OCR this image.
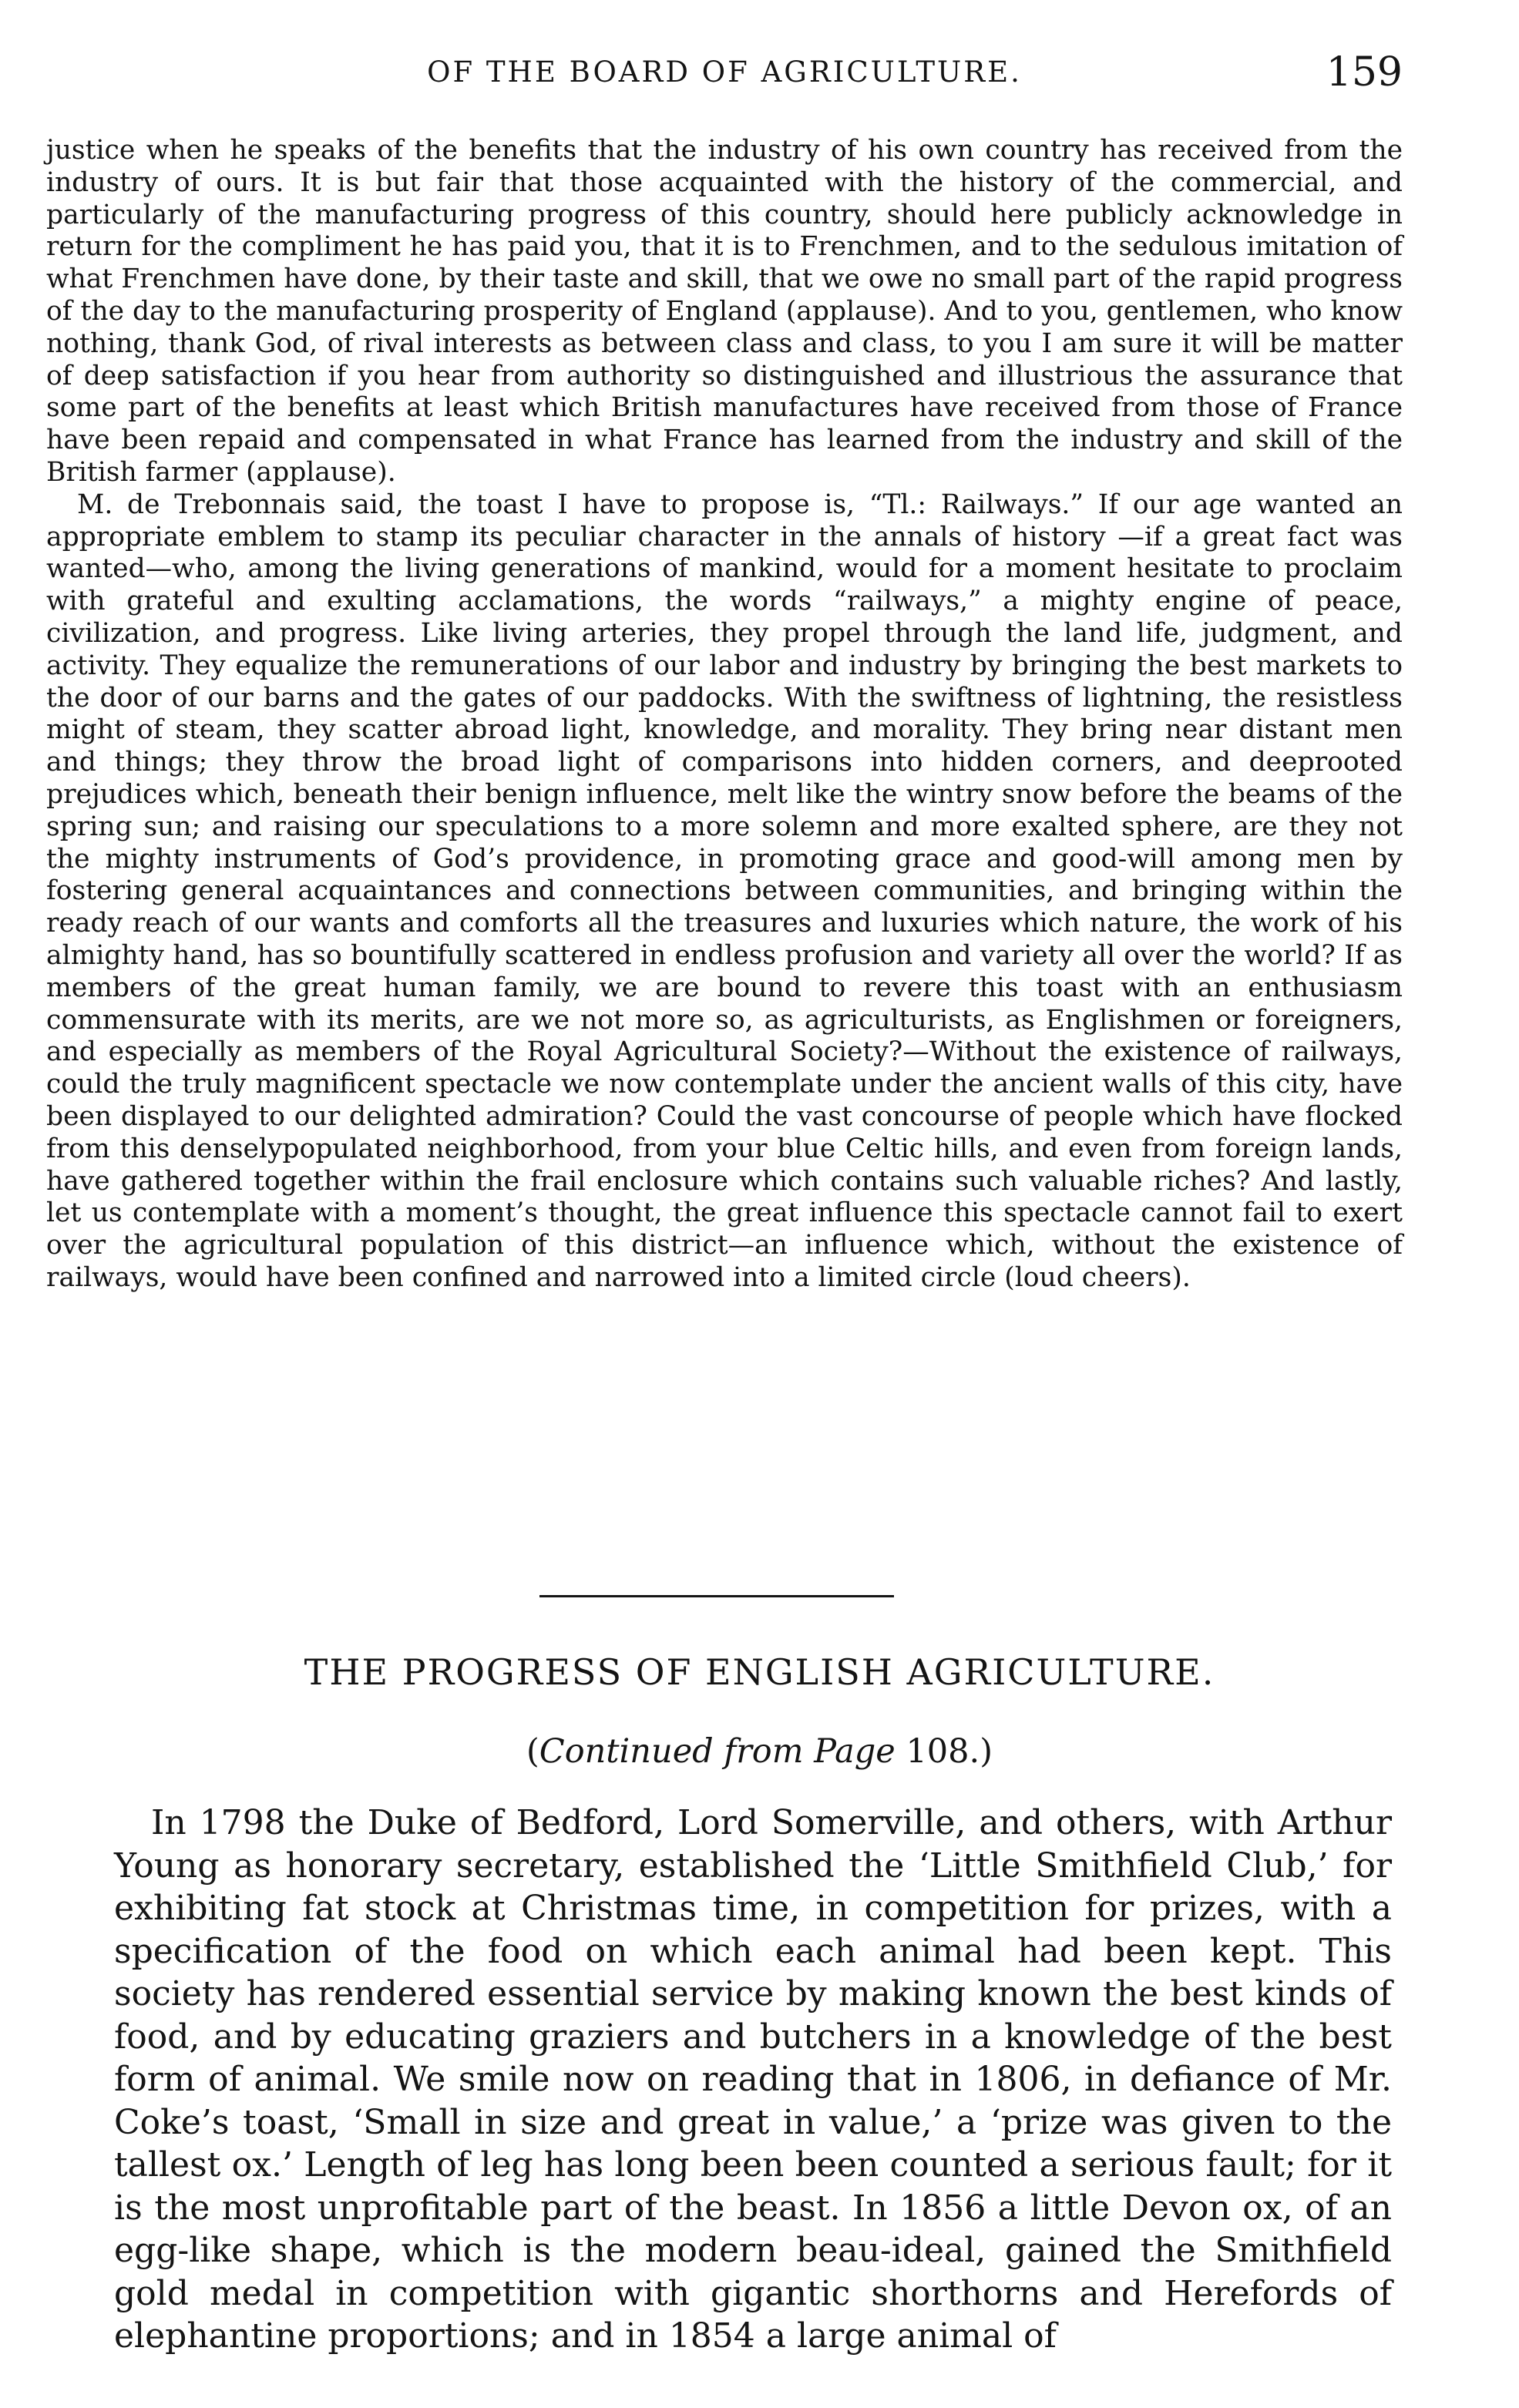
OF THE BOARD OF AGRICULTURE.	159

justice when he speaks of the benefits that the industry of his own country has received from the industry of ours. It is but fair that those acquainted with the history of the commercial, and particularly of the manufacturing progress of this country, should here publicly acknowledge in return for the compliment he has paid you, that it is to Frenchmen, and to the sedulous imitation of what Frenchmen have done, by their taste and skill, that we owe no small part of the rapid progress of the day to the manufacturing prosperity of England (applause). And to you, gentlemen, who know nothing, thank God, of rival interests as between class and class, to you I am sure it will be matter of deep satisfaction if you hear from authority so distinguished and illustrious the assurance that some part of the benefits at least which British manufactures have received from those of France have been repaid and compensated in what France has learned from the industry and skill of the British farmer (applause).

M. de Trebonnais said, the toast I have to propose is, “Tl.: Railways.” If our age wanted an appropriate emblem to stamp its peculiar character in the annals of history —if a great fact was wanted—who, among the living generations of mankind, would for a moment hesitate to proclaim with grateful and exulting acclamations, the words “railways,” a mighty engine of peace, civilization, and progress. Like living arteries, they propel through the land life, judgment, and activity. They equalize the remunerations of our labor and industry by bringing the best markets to the door of our barns and the gates of our paddocks. With the swiftness of lightning, the resistless might of steam, they scatter abroad light, knowledge, and morality. They bring near distant men and things; they throw the broad light of comparisons into hidden corners, and deeprooted prejudices which, beneath their benign influence, melt like the wintry snow before the beams of the spring sun; and raising our speculations to a more solemn and more exalted sphere, are they not the mighty instruments of God’s providence, in promoting grace and good-will among men by fostering general acquaintances and connections between communities, and bringing within the ready reach of our wants and comforts all the treasures and luxuries which nature, the work of his almighty hand, has so bountifully scattered in endless profusion and variety all over the world? If as members of the great human family, we are bound to revere this toast with an enthusiasm commensurate with its merits, are we not more so, as agriculturists, as Englishmen or foreigners, and especially as members of the Royal Agricultural Society?—Without the existence of railways, could the truly magnificent spectacle we now contemplate under the ancient walls of this city, have been displayed to our delighted admiration? Could the vast concourse of people which have flocked from this denselypopulated neighborhood, from your blue Celtic hills, and even from foreign lands, have gathered together within the frail enclosure which contains such valuable riches? And lastly, let us contemplate with a moment’s thought, the great influence this spectacle cannot fail to exert over the agricultural population of this district—an influence which, without the existence of railways, would have been confined and narrowed into a limited circle (loud cheers).

THE PROGRESS OF ENGLISH AGRICULTURE.
(Continued from Page 108.)

In 1798 the Duke of Bedford, Lord Somerville, and others, with Arthur Young as honorary secretary, established the ‘Little Smithfield Club,’ for exhibiting fat stock at Christmas time, in competition for prizes, with a specification of the food on which each animal had been kept. This society has rendered essential service by making known the best kinds of food, and by educating graziers and butchers in a knowledge of the best form of animal. We smile now on reading that in 1806, in defiance of Mr. Coke’s toast, ‘Small in size and great in value,’ a ‘prize was given to the tallest ox.’ Length of leg has long been been counted a serious fault; for it is the most unprofitable part of the beast. In 1856 a little Devon ox, of an egg-like shape, which is the modern beau-ideal, gained the Smithfield gold medal in competition with gigantic shorthorns and Herefords of elephantine proportions; and in 1854 a large animal of
